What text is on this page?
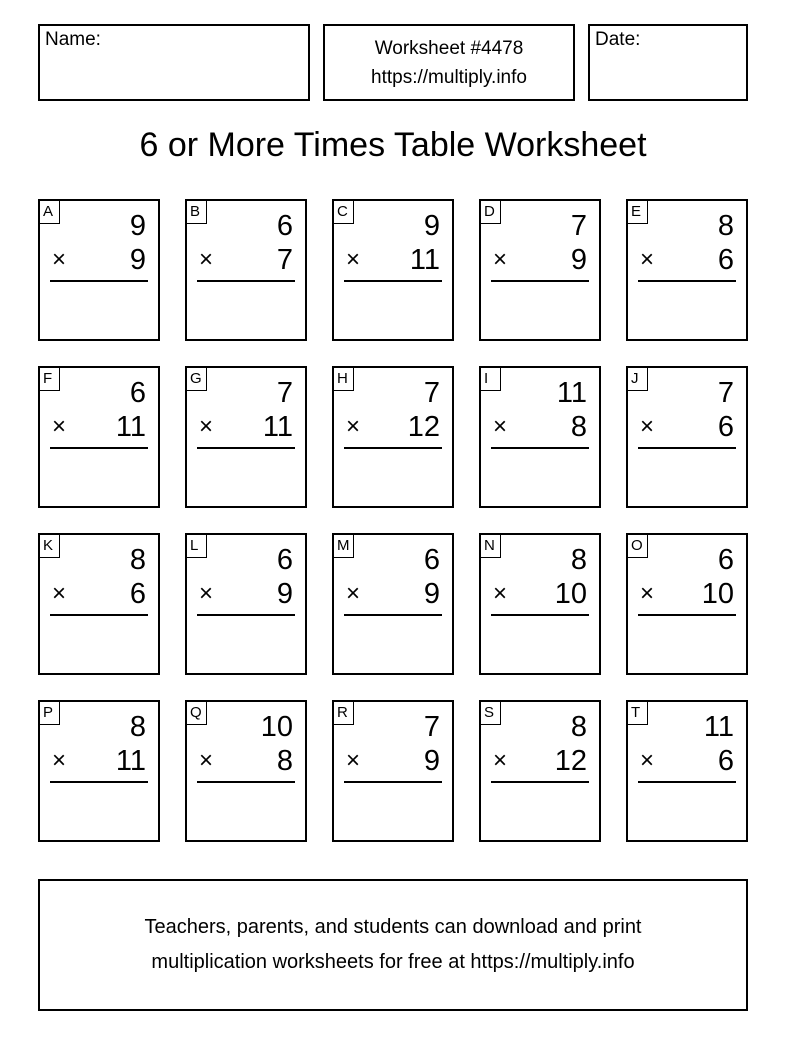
Name:	Worksheet #4478
https://multiply.info
Date:
6 or More Times Table Worksheet
A	9
× 9
B	6
× 7
C	9
× 11
D	7
× 9
E	8
× 6
F	6
× 11
G	7
× 11
H	7
× 12
I	11
× 8
J	7
× 6
K	8
× 6
L	6
× 9
M	6
× 9
N	8
× 10
O	6
× 10
P	8
× 11
Q 10
× 8
R	7
× 9
S	8
× 12
T 11
× 6
Teachers, parents, and students can download and print
multiplication worksheets for free at https://multiply.info
